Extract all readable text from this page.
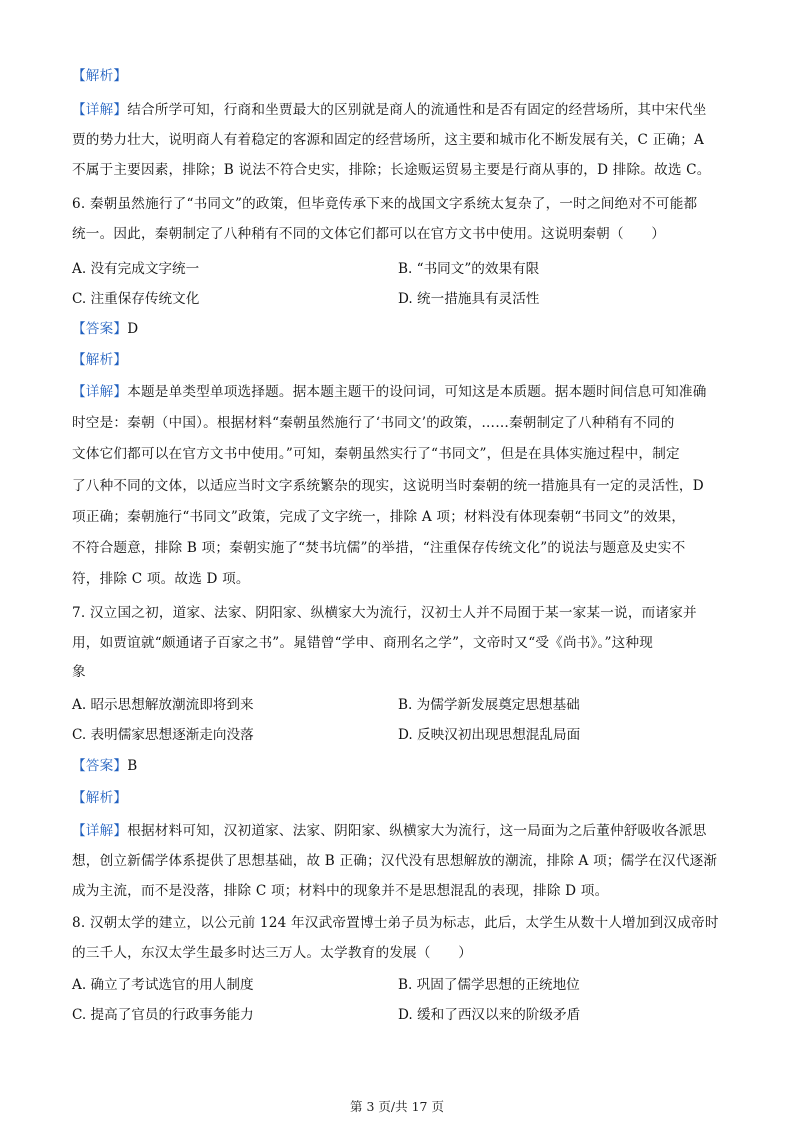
【解析】
【详解】结合所学可知，行商和坐贾最大的区别就是商人的流通性和是否有固定的经营场所，其中宋代坐
贾的势力壮大，说明商人有着稳定的客源和固定的经营场所，这主要和城市化不断发展有关，C 正确；A
不属于主要因素，排除；B 说法不符合史实，排除；长途贩运贸易主要是行商从事的，D 排除。故选 C。
6. 秦朝虽然施行了“书同文”的政策，但毕竟传承下来的战国文字系统太复杂了，一时之间绝对不可能都
统一。因此，秦朝制定了八种稍有不同的文体它们都可以在官方文书中使用。这说明秦朝（　　）
A. 没有完成文字统一	B. “书同文”的效果有限
C. 注重保存传统文化	D. 统一措施具有灵活性
【答案】D
【解析】
【详解】本题是单类型单项选择题。据本题主题干的设问词，可知这是本质题。据本题时间信息可知准确
时空是：秦朝（中国）。根据材料“秦朝虽然施行了‘书同文’的政策，……秦朝制定了八种稍有不同的
文体它们都可以在官方文书中使用。”可知，秦朝虽然实行了“书同文”，但是在具体实施过程中，制定
了八种不同的文体，以适应当时文字系统繁杂的现实，这说明当时秦朝的统一措施具有一定的灵活性，D
项正确；秦朝施行“书同文”政策，完成了文字统一，排除 A 项；材料没有体现秦朝“书同文”的效果，
不符合题意，排除 B 项；秦朝实施了“焚书坑儒”的举措，“注重保存传统文化”的说法与题意及史实不
符，排除 C 项。故选 D 项。
7. 汉立国之初，道家、法家、阴阳家、纵横家大为流行，汉初士人并不局囿于某一家某一说，而诸家并
用，如贾谊就“颇通诸子百家之书”。晁错曾“学申、商刑名之学”，文帝时又“受《尚书》。”这种现
象
A. 昭示思想解放潮流即将到来	B. 为儒学新发展奠定思想基础
C. 表明儒家思想逐渐走向没落	D. 反映汉初出现思想混乱局面
【答案】B
【解析】
【详解】根据材料可知，汉初道家、法家、阴阳家、纵横家大为流行，这一局面为之后董仲舒吸收各派思
想，创立新儒学体系提供了思想基础，故 B 正确；汉代没有思想解放的潮流，排除 A 项；儒学在汉代逐渐
成为主流，而不是没落，排除 C 项；材料中的现象并不是思想混乱的表现，排除 D 项。
8. 汉朝太学的建立，以公元前 124 年汉武帝置博士弟子员为标志，此后，太学生从数十人增加到汉成帝时
的三千人，东汉太学生最多时达三万人。太学教育的发展（　　）
A. 确立了考试选官的用人制度	B. 巩固了儒学思想的正统地位
C. 提高了官员的行政事务能力	D. 缓和了西汉以来的阶级矛盾
第 3 页/共 17 页
